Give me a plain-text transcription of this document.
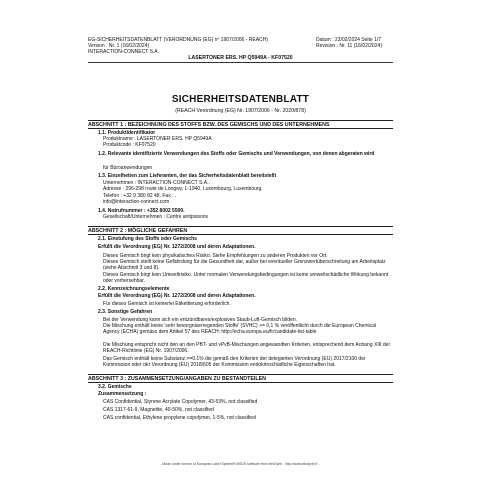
EG-SICHERHEITSDATENBLATT (VERORDNUNG (EG) nº 1907/2006 - REACH)
Version : Nr. 1 (16/02/2024)
INTERACTION-CONNECT S.A.
Datum : 23/02/2024 Seite 1/7
Revision : Nr. 11 (16/02/2024)
LASERTONER ERS. HP Q5949A - KF07520
SICHERHEITSDATENBLATT
(REACH Verordnung (EG) Nr. 1907/2006 - Nr. 2020/878)
ABSCHNITT 1 : BEZEICHNUNG DES STOFFS BZW. DES GEMISCHS UND DES UNTERNEHMENS
1.1. Produktidentifikator
Produktname : LASERTONER ERS. HP Q5949A
Produktcode : KF07520
1.2. Relevante identifizierte Verwendungen des Stoffs oder Gemischs und Verwendungen, von denen abgeraten wird
für Büroanwendungen
1.3. Einzelheiten zum Lieferanten, der das Sicherheitsdatenblatt bereitstellt
Unternehmen : INTERACTION-CONNECT S.A..
Adresse : 296-298 route de Longwy, L-1940, Luxembourg, Luxembourg.
Telefon : +32 9 380 82 48. Fax : .
info@interaction-connect.com
1.4. Notrufnummer : +352 8002 5500.
Gesellschaft/Unternehmen : Centre antipoisons
ABSCHNITT 2 : MÖGLICHE GEFAHREN
2.1. Einstufung des Stoffs oder Gemischs
Erfüllt die Verordnung (EG) Nr. 1272/2008 und deren Adaptationen.
Dieses Gemisch birgt kein physikalisches Risiko. Siehe Empfehlungen zu anderen Produkten vor Ort.
Dieses Gemisch stellt keine Gefährdung für die Gesundheit dar, außer bei eventueller Grenzwertüberschreitung am Arbeitsplatz (siehe Abschnitt 3 und 8).
Dieses Gemisch birgt kein Umweltrisiko. Unter normalen Verwendungsbedingungen ist keine umweltschädliche Wirkung bekannt oder vorhersehbar.
2.2. Kennzeichnungselemente
Erfüllt die Verordnung (EG) Nr. 1272/2008 und deren Adaptationen.
Für dieses Gemisch ist keinerlei Etikettierung erforderlich.
2.3. Sonstige Gefahren
Bei der Verwendung kann sich ein entzündbares/explosives Staub-Luft-Gemisch bilden.
Die Mischung enthält keine 'sehr besorgniserregenden Stoffe' (SVHC) >= 0,1 % veröffentlicht durch die European Chemical Agency (ECHA) gemäss dem Artikel 57 des REACH: http://echa.europa.eu/fr/candidate-list-table
Die Mischung entspricht nicht den an den PBT- und vPvB-Mischungen angewandten Kriterien, entsprechend dem Anhang XIII der REACH-Richtlinie (EG) Nr. 1907/2006.
Das Gemisch enthält keine Substanz >=0.1% die gemäß den Kriterien der delegierten Verordnung (EU) 2017/2100 der Kommission oder der Verordnung (EU) 2018/605 der Kommission endokrinschädliche Eigenschaften hat.
ABSCHNITT 3 : ZUSAMMENSETZUNG/ANGABEN ZU BESTANDTEILEN
3.2. Gemische
Zusammensetzung :
CAS Confidential, Styrene Acrylate Copolymer, 43-53%, not classified
CAS 1317-61-9, Magnetite, 40-50%, not classified
CAS confidential, Ethylene propylene copolymer, 1-5%, not classified
- Made under licence of European Label System® MSDS software from InfoDyne - http://www.infodyne.fr -
